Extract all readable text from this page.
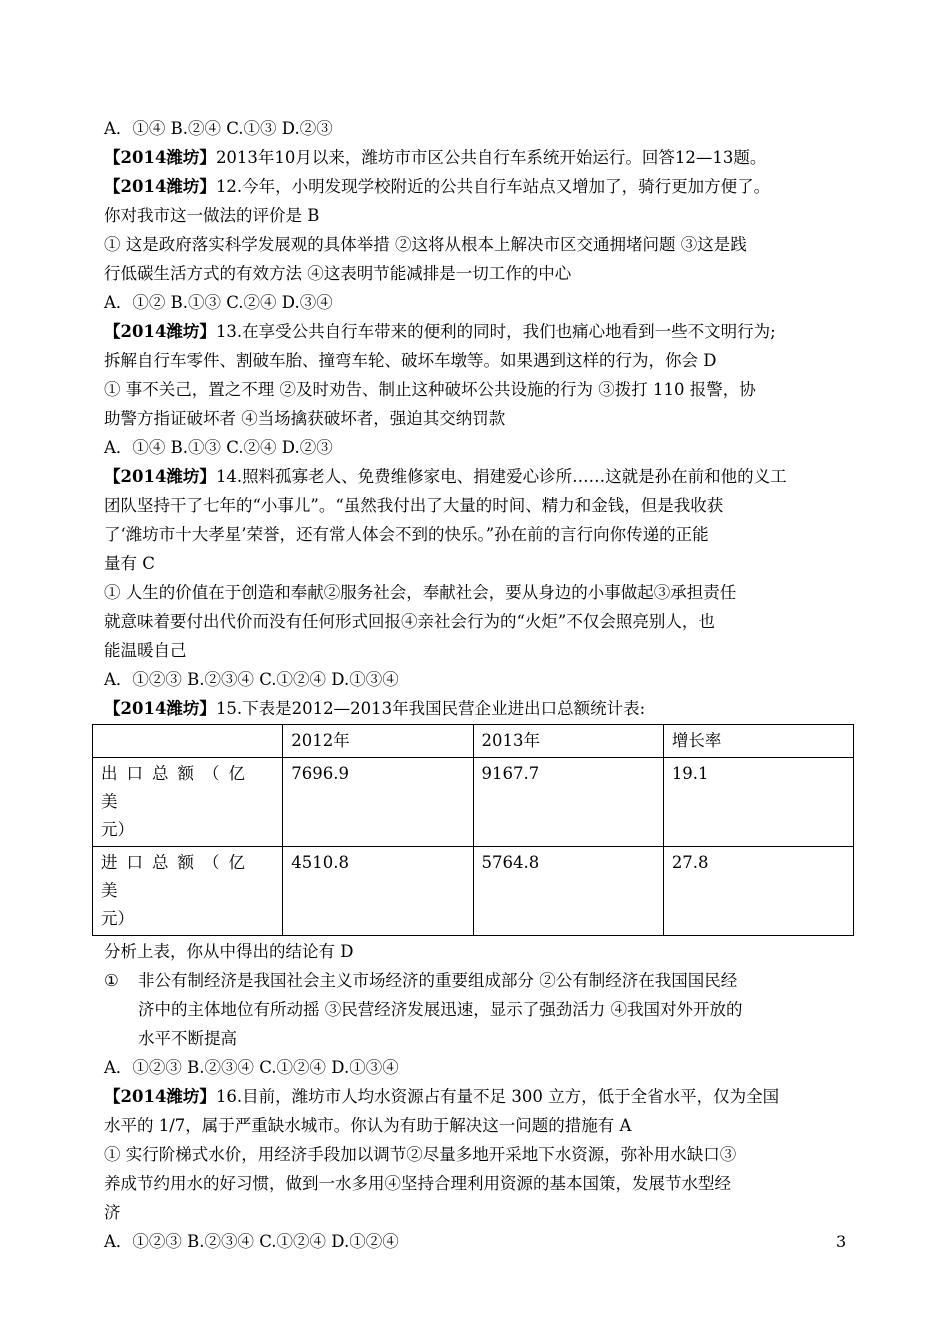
A．①④ B.②④ C.①③ D.②③
【2014潍坊】2013年10月以来，潍坊市市区公共自行车系统开始运行。回答12—13题。
【2014潍坊】12.今年，小明发现学校附近的公共自行车站点又增加了，骑行更加方便了。
你对我市这一做法的评价是 B
① 这是政府落实科学发展观的具体举措 ②这将从根本上解决市区交通拥堵问题 ③这是践
行低碳生活方式的有效方法 ④这表明节能减排是一切工作的中心
A．①② B.①③ C.②④ D.③④
【2014潍坊】13.在享受公共自行车带来的便利的同时，我们也痛心地看到一些不文明行为;
拆解自行车零件、割破车胎、撞弯车轮、破坏车墩等。如果遇到这样的行为，你会 D
① 事不关己，置之不理 ②及时劝告、制止这种破坏公共设施的行为 ③拨打 110 报警，协
助警方指证破坏者 ④当场擒获破坏者，强迫其交纳罚款
A．①④ B.①③ C.②④ D.②③
【2014潍坊】14.照料孤寡老人、免费维修家电、捐建爱心诊所……这就是孙在前和他的义工
团队坚持干了七年的“小事儿”。“虽然我付出了大量的时间、精力和金钱，但是我收获
了‘潍坊市十大孝星’荣誉，还有常人体会不到的快乐。”孙在前的言行向你传递的正能
量有 C
① 人生的价值在于创造和奉献②服务社会，奉献社会，要从身边的小事做起③承担责任
就意味着要付出代价而没有任何形式回报④亲社会行为的“火炬”不仅会照亮别人，也
能温暖自己
A．①②③ B.②③④ C.①②④ D.①③④
【2014潍坊】15.下表是2012—2013年我国民营企业进出口总额统计表:
	2012年	2013年	增长率
出口总额（亿美
元）	7696.9	9167.7	19.1
进口总额（亿美
元）	4510.8	5764.8	27.8
分析上表，你从中得出的结论有 D
①	非公有制经济是我国社会主义市场经济的重要组成部分 ②公有制经济在我国国民经
济中的主体地位有所动摇 ③民营经济发展迅速，显示了强劲活力 ④我国对外开放的
水平不断提高
A．①②③ B.②③④ C.①②④ D.①③④
【2014潍坊】16.目前，潍坊市人均水资源占有量不足 300 立方，低于全省水平，仅为全国
水平的 1/7，属于严重缺水城市。你认为有助于解决这一问题的措施有 A
① 实行阶梯式水价，用经济手段加以调节②尽量多地开采地下水资源，弥补用水缺口③
养成节约用水的好习惯，做到一水多用④坚持合理利用资源的基本国策，发展节水型经
济
A．①②③ B.②③④ C.①②④ D.①②④	3
